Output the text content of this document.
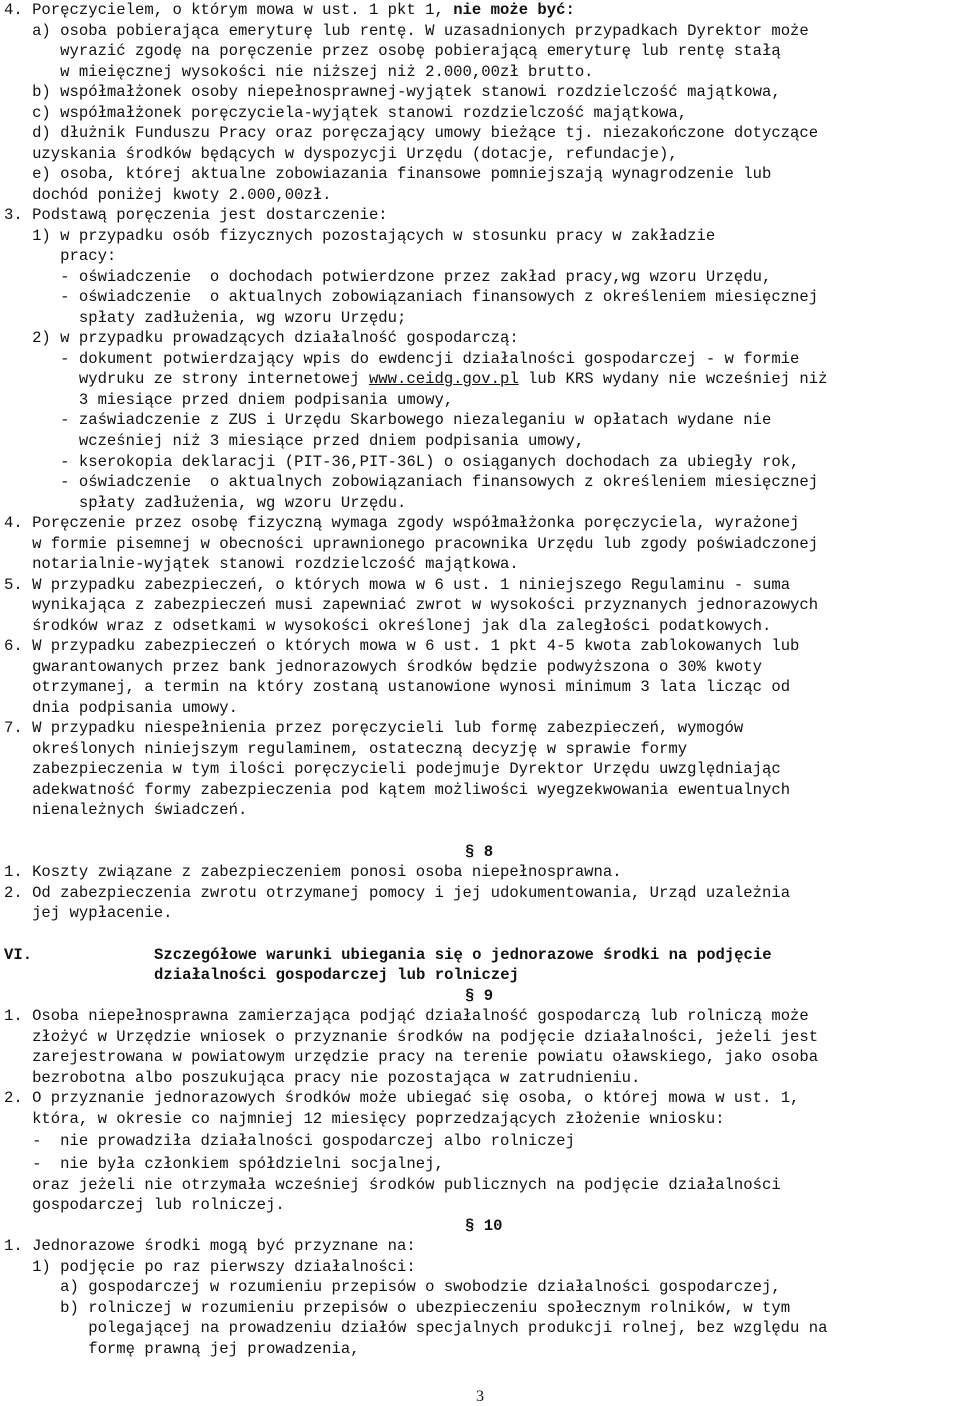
4. Poręczycielem, o którym mowa w ust. 1 pkt 1, nie może być:
a) osoba pobierająca emeryturę lub rentę. W uzasadnionych przypadkach Dyrektor może
wyrazić zgodę na poręczenie przez osobę pobierającą emeryturę lub rentę stałą
w mieięcznej wysokości nie niższej niż 2.000,00zł brutto.
b) współmałżonek osoby niepełnosprawnej-wyjątek stanowi rozdzielczość majątkowa,
c) współmałżonek poręczyciela-wyjątek stanowi rozdzielczość majątkowa,
d) dłużnik Funduszu Pracy oraz poręczający umowy bieżące tj. niezakończone dotyczące
uzyskania środków będących w dyspozycji Urzędu (dotacje, refundacje),
e) osoba, której aktualne zobowiazania finansowe pomniejszają wynagrodzenie lub
dochód poniżej kwoty 2.000,00zł.
3. Podstawą poręczenia jest dostarczenie:
1) w przypadku osób fizycznych pozostających w stosunku pracy w zakładzie
pracy:
- oświadczenie  o dochodach potwierdzone przez zakład pracy,wg wzoru Urzędu,
- oświadczenie  o aktualnych zobowiązaniach finansowych z określeniem miesięcznej
spłaty zadłużenia, wg wzoru Urzędu;
2) w przypadku prowadzących działalność gospodarczą:
- dokument potwierdzający wpis do ewdencji działalności gospodarczej - w formie
wydruku ze strony internetowej www.ceidg.gov.pl lub KRS wydany nie wcześniej niż
3 miesiące przed dniem podpisania umowy,
- zaświadczenie z ZUS i Urzędu Skarbowego niezaleganiu w opłatach wydane nie
wcześniej niż 3 miesiące przed dniem podpisania umowy,
- kserokopia deklaracji (PIT-36,PIT-36L) o osiąganych dochodach za ubiegły rok,
- oświadczenie  o aktualnych zobowiązaniach finansowych z określeniem miesięcznej
spłaty zadłużenia, wg wzoru Urzędu.
4. Poręczenie przez osobę fizyczną wymaga zgody współmałżonka poręczyciela, wyrażonej
w formie pisemnej w obecności uprawnionego pracownika Urzędu lub zgody poświadczonej
notarialnie-wyjątek stanowi rozdzielczość majątkowa.
5. W przypadku zabezpieczeń, o których mowa w 6 ust. 1 niniejszego Regulaminu - suma
wynikająca z zabezpieczeń musi zapewniać zwrot w wysokości przyznanych jednorazowych
środków wraz z odsetkami w wysokości określonej jak dla zaległości podatkowych.
6. W przypadku zabezpieczeń o których mowa w 6 ust. 1 pkt 4-5 kwota zablokowanych lub
gwarantowanych przez bank jednorazowych środków będzie podwyższona o 30% kwoty
otrzymanej, a termin na który zostaną ustanowione wynosi minimum 3 lata licząc od
dnia podpisania umowy.
7. W przypadku niespełnienia przez poręczycieli lub formę zabezpieczeń, wymogów
określonych niniejszym regulaminem, ostateczną decyzję w sprawie formy
zabezpieczenia w tym ilości poręczycieli podejmuje Dyrektor Urzędu uwzględniając
adekwatność formy zabezpieczenia pod kątem możliwości wyegzekwowania ewentualnych
nienależnych świadczeń.
§ 8
1. Koszty związane z zabezpieczeniem ponosi osoba niepełnosprawna.
2. Od zabezpieczenia zwrotu otrzymanej pomocy i jej udokumentowania, Urząd uzależnia
jej wypłacenie.
VI.	Szczegółowe warunki ubiegania się o jednorazowe środki na podjęcie
działalności gospodarczej lub rolniczej
§ 9
1. Osoba niepełnosprawna zamierzająca podjąć działalność gospodarczą lub rolniczą może
złożyć w Urzędzie wniosek o przyznanie środków na podjęcie działalności, jeżeli jest
zarejestrowana w powiatowym urzędzie pracy na terenie powiatu oławskiego, jako osoba
bezrobotna albo poszukująca pracy nie pozostająca w zatrudnieniu.
2. O przyznanie jednorazowych środków może ubiegać się osoba, o której mowa w ust. 1,
która, w okresie co najmniej 12 miesięcy poprzedzających złożenie wniosku:
-  nie prowadziła działalności gospodarczej albo rolniczej
-  nie była członkiem spółdzielni socjalnej,
oraz jeżeli nie otrzymała wcześniej środków publicznych na podjęcie działalności
gospodarczej lub rolniczej.
§ 10
1. Jednorazowe środki mogą być przyznane na:
1) podjęcie po raz pierwszy działalności:
a) gospodarczej w rozumieniu przepisów o swobodzie działalności gospodarczej,
b) rolniczej w rozumieniu przepisów o ubezpieczeniu społecznym rolników, w tym
polegającej na prowadzeniu działów specjalnych produkcji rolnej, bez względu na
formę prawną jej prowadzenia,
3
